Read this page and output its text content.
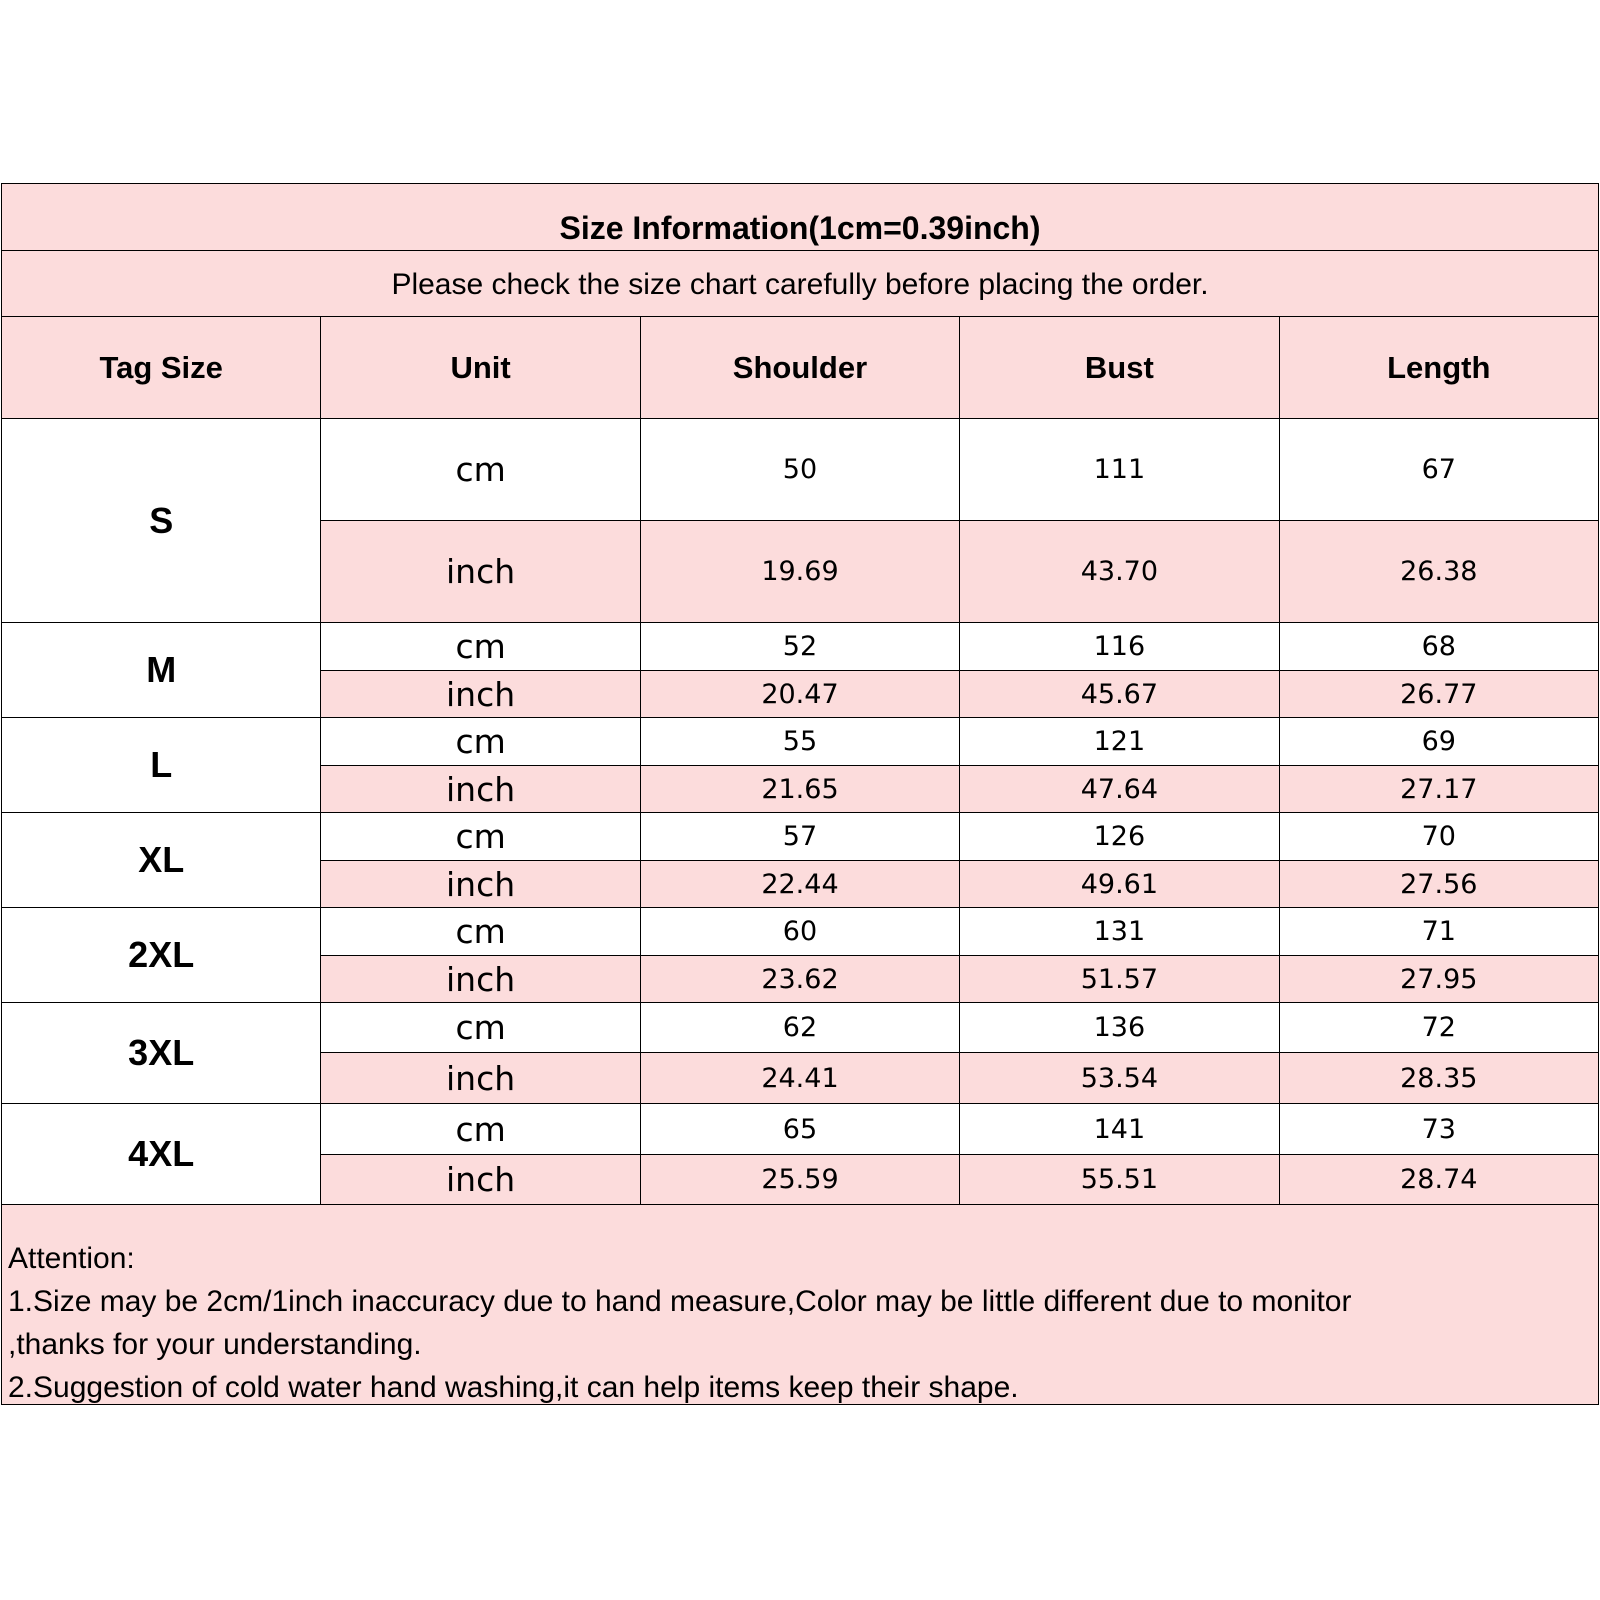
Size Information(1cm=0.39inch)
Please check the size chart carefully before placing the order.
Tag Size	Unit	Shoulder	Bust	Length
S	cm	50	111	67
	inch	19.69	43.70	26.38
M	cm	52	116	68
	inch	20.47	45.67	26.77
L	cm	55	121	69
	inch	21.65	47.64	27.17
XL	cm	57	126	70
	inch	22.44	49.61	27.56
2XL	cm	60	131	71
	inch	23.62	51.57	27.95
3XL	cm	62	136	72
	inch	24.41	53.54	28.35
4XL	cm	65	141	73
	inch	25.59	55.51	28.74
Attention:
1.Size may be 2cm/1inch inaccuracy due to hand measure,Color may be little different due to monitor
,thanks for your understanding.
2.Suggestion of cold water hand washing,it can help items keep their shape.
